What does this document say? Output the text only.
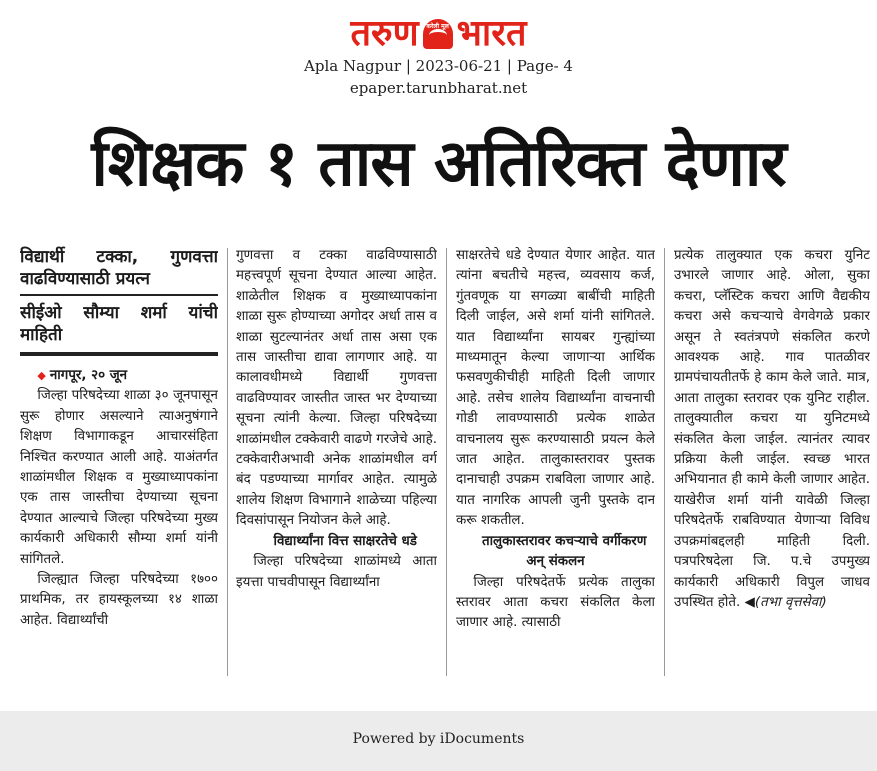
तरुण करेली मूल भारत
Apla Nagpur | 2023-06-21 | Page- 4
epaper.tarunbharat.net
शिक्षक १ तास अतिरिक्त देणार
विद्यार्थी टक्का, गुणवत्ता वाढविण्यासाठी प्रयत्न
सीईओ सौम्या शर्मा यांची माहिती

◆ नागपूर, २० जून

जिल्हा परिषदेच्या शाळा ३० जूनपासून सुरू होणार असल्याने त्याअनुषंगाने शिक्षण विभागाकडून आचारसंहिता निश्चित करण्यात आली आहे. याअंतर्गत शाळांमधील शिक्षक व मुख्याध्यापकांना एक तास जास्तीचा देण्याच्या सूचना देण्यात आल्याचे जिल्हा परिषदेच्या मुख्य कार्यकारी अधिकारी सौम्या शर्मा यांनी सांगितले.

जिल्ह्यात जिल्हा परिषदेच्या १७०० प्राथमिक, तर हायस्कूलच्या १४ शाळा आहेत. विद्यार्थ्यांची

गुणवत्ता व टक्का वाढविण्यासाठी महत्त्वपूर्ण सूचना देण्यात आल्या आहेत. शाळेतील शिक्षक व मुख्याध्यापकांना शाळा सुरू होण्याच्या अगोदर अर्धा तास व शाळा सुटल्यानंतर अर्धा तास असा एक तास जास्तीचा द्यावा लागणार आहे. या कालावधीमध्ये विद्यार्थी गुणवत्ता वाढविण्यावर जास्तीत जास्त भर देण्याच्या सूचना त्यांनी केल्या. जिल्हा परिषदेच्या शाळांमधील टक्केवारी वाढणे गरजेचे आहे. टक्केवारीअभावी अनेक शाळांमधील वर्ग बंद पडण्याच्या मार्गावर आहेत. त्यामुळे शालेय शिक्षण विभागाने शाळेच्या पहिल्या दिवसांपासून नियोजन केले आहे.

विद्यार्थ्यांना वित्त साक्षरतेचे धडे

जिल्हा परिषदेच्या शाळांमध्ये आता इयत्ता पाचवीपासून विद्यार्थ्यांना

साक्षरतेचे धडे देण्यात येणार आहेत. यात त्यांना बचतीचे महत्त्व, व्यवसाय कर्ज, गुंतवणूक या सगळ्या बाबींची माहिती दिली जाईल, असे शर्मा यांनी सांगितले. यात विद्यार्थ्यांना सायबर गुन्ह्यांच्या माध्यमातून केल्या जाणाऱ्या आर्थिक फसवणुकीचीही माहिती दिली जाणार आहे. तसेच शालेय विद्यार्थ्यांना वाचनाची गोडी लावण्यासाठी प्रत्येक शाळेत वाचनालय सुरू करण्यासाठी प्रयत्न केले जात आहेत. तालुकास्तरावर पुस्तक दानाचाही उपक्रम राबविला जाणार आहे. यात नागरिक आपली जुनी पुस्तके दान करू शकतील.

तालुकास्तरावर कचऱ्याचे वर्गीकरण अन् संकलन

जिल्हा परिषदेतर्फे प्रत्येक तालुका स्तरावर आता कचरा संकलित केला जाणार आहे. त्यासाठी

प्रत्येक तालुक्यात एक कचरा युनिट उभारले जाणार आहे. ओला, सुका कचरा, प्लॅस्टिक कचरा आणि वैद्यकीय कचरा असे कचऱ्याचे वेगवेगळे प्रकार असून ते स्वतंत्रपणे संकलित करणे आवश्यक आहे. गाव पातळीवर ग्रामपंचायतीतर्फे हे काम केले जाते. मात्र, आता तालुका स्तरावर एक युनिट राहील. तालुक्यातील कचरा या युनिटमध्ये संकलित केला जाईल. त्यानंतर त्यावर प्रक्रिया केली जाईल. स्वच्छ भारत अभियानात ही कामे केली जाणार आहेत. याखेरीज शर्मा यांनी यावेळी जिल्हा परिषदेतर्फे राबविण्यात येणाऱ्या विविध उपक्रमांबद्दलही माहिती दिली. पत्रपरिषदेला जि. प.चे उपमुख्य कार्यकारी अधिकारी विपुल जाधव उपस्थित होते. ◀(तभा वृत्तसेवा)

Powered by iDocuments
